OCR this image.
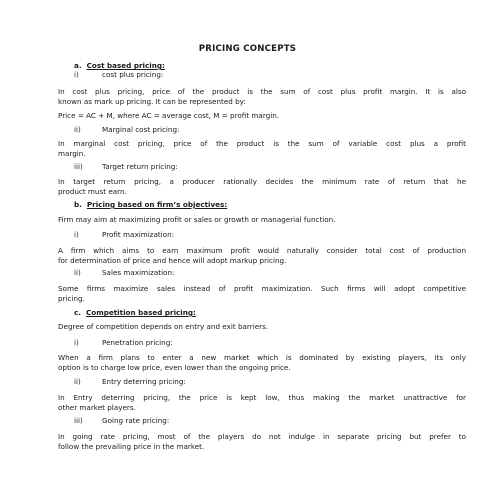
PRICING CONCEPTS
a. Cost based pricing:
i)	cost plus pricing:
In cost plus pricing, price of the product is the sum of cost plus profit margin. It is also
known as mark up pricing. It can be represented by:
Price = AC + M, where AC = average cost, M = profit margin.
ii)	Marginal cost pricing:
In marginal cost pricing, price of the product is the sum of variable cost plus a profit
margin.
iii)	Target return pricing:
In target return pricing, a producer rationally decides the minimum rate of return that he
product must earn.
b. Pricing based on firm’s objectives:
Firm may aim at maximizing profit or sales or growth or managerial function.
i)	Profit maximization:
A firm which aims to earn maximum profit would naturally consider total cost of production
for determination of price and hence will adopt markup pricing.
ii)	Sales maximization:
Some firms maximize sales instead of profit maximization. Such firms will adopt competitive
pricing.
c. Competition based pricing:
Degree of competition depends on entry and exit barriers.
i)	Penetration pricing:
When a firm plans to enter a new market which is dominated by existing players, its only
option is to charge low price, even lower than the ongoing price.
ii)	Entry deterring pricing:
In Entry deterring pricing, the price is kept low, thus making the market unattractive for
other market players.
iii)	Going rate pricing:
In going rate pricing, most of the players do not indulge in separate pricing but prefer to
follow the prevailing price in the market.
